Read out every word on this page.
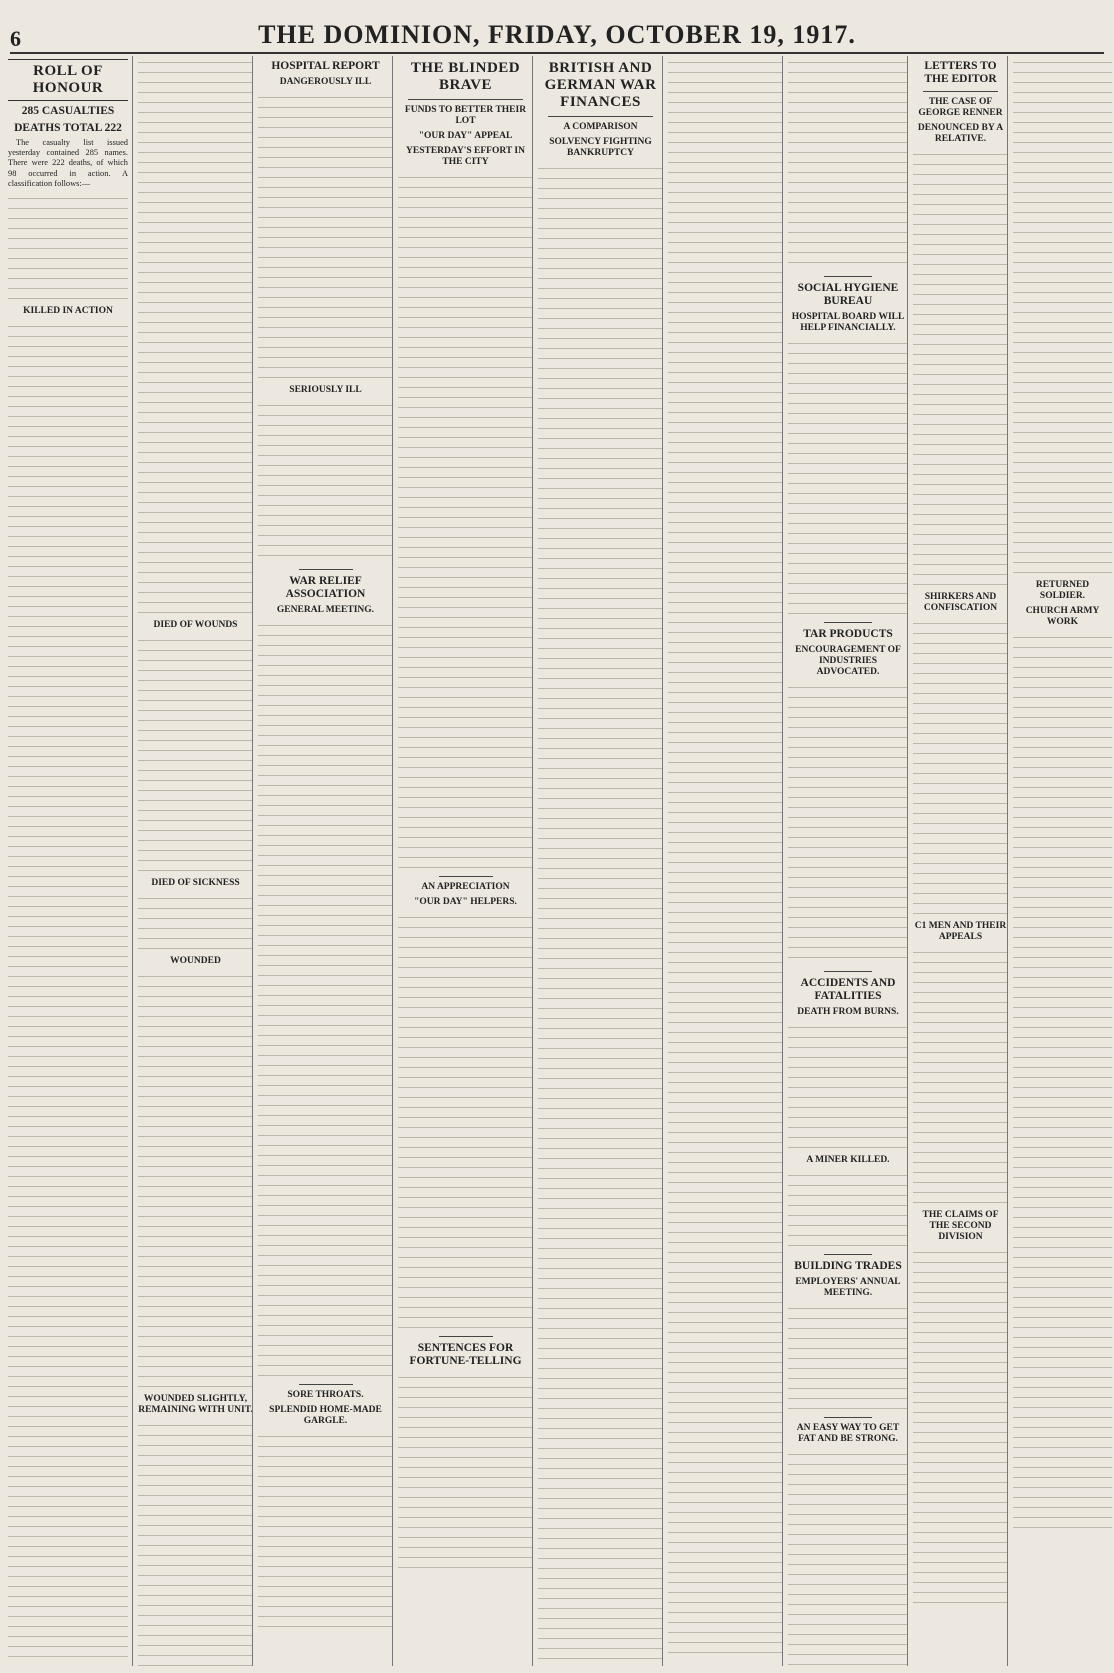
6	THE DOMINION, FRIDAY, OCTOBER 19, 1917.
ROLL OF HONOUR
285 CASUALTIES
DEATHS TOTAL 222

The casualty list issued yesterday contained 285 names. There were 222 deaths, of which 98 occurred in action. A classification follows:—

KILLED IN ACTION
DIED OF WOUNDS
DIED OF SICKNESS
WOUNDED
WOUNDED SLIGHTLY, REMAINING WITH UNIT.
HOSPITAL REPORT
DANGEROUSLY ILL
SERIOUSLY ILL
WAR RELIEF ASSOCIATION
GENERAL MEETING.
SORE THROATS.
SPLENDID HOME-MADE GARGLE.
THE BLINDED BRAVE
FUNDS TO BETTER THEIR LOT
"OUR DAY" APPEAL
YESTERDAY'S EFFORT IN THE CITY
AN APPRECIATION
"OUR DAY" HELPERS.
SENTENCES FOR FORTUNE-TELLING
BRITISH AND GERMAN WAR FINANCES
A COMPARISON
SOLVENCY FIGHTING BANKRUPTCY
SOCIAL HYGIENE BUREAU
HOSPITAL BOARD WILL HELP FINANCIALLY.
TAR PRODUCTS
ENCOURAGEMENT OF INDUSTRIES ADVOCATED.
ACCIDENTS AND FATALITIES
DEATH FROM BURNS.
A MINER KILLED.
BUILDING TRADES
EMPLOYERS' ANNUAL MEETING.
AN EASY WAY TO GET FAT AND BE STRONG.
LETTERS TO THE EDITOR
THE CASE OF GEORGE RENNER
DENOUNCED BY A RELATIVE.
SHIRKERS AND CONFISCATION
C1 MEN AND THEIR APPEALS
THE CLAIMS OF THE SECOND DIVISION
RETURNED SOLDIER.
CHURCH ARMY WORK
